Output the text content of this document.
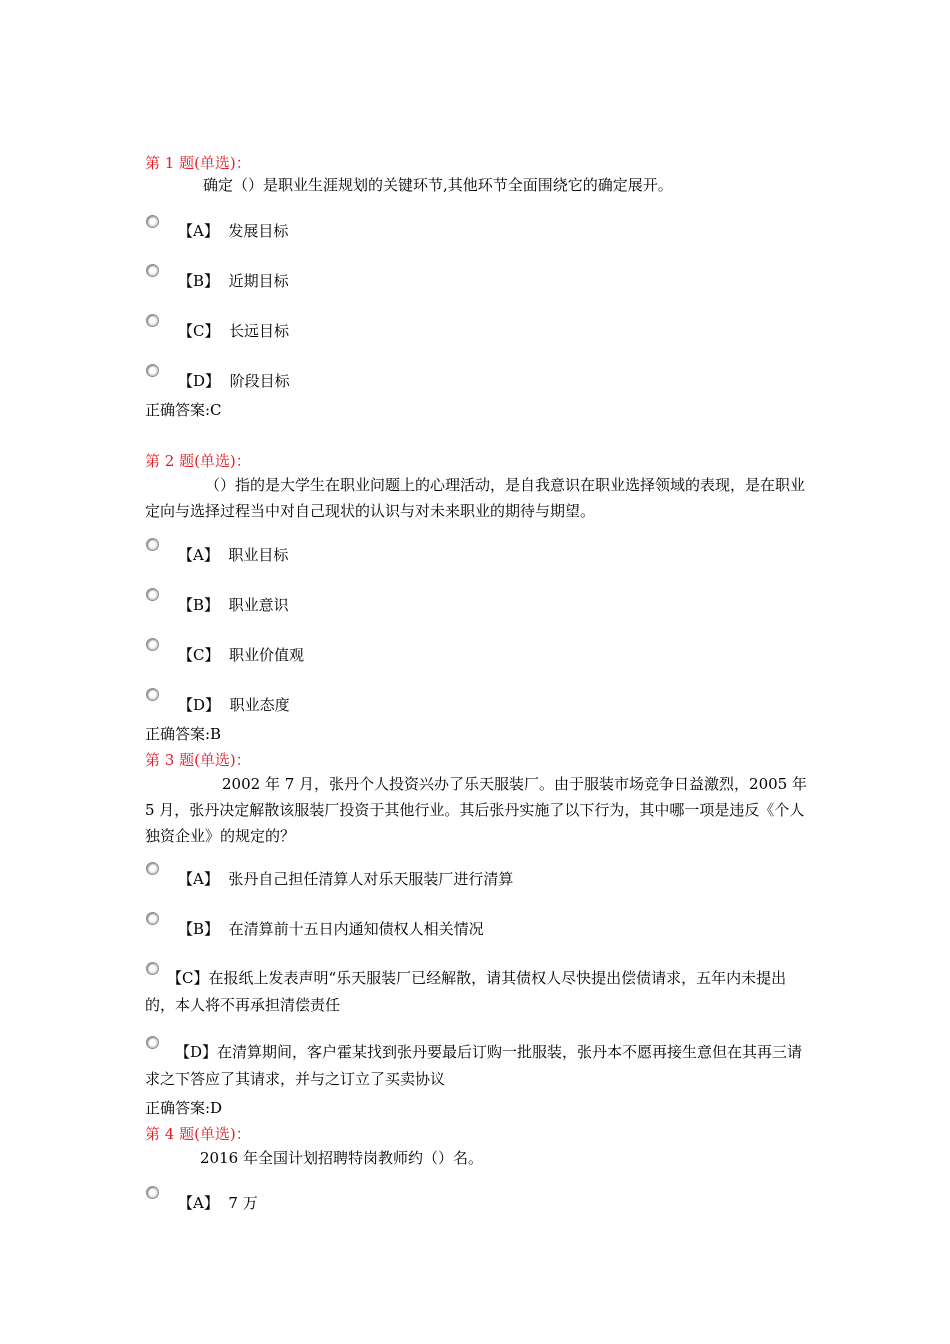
第 1 题(单选)：
确定（）是职业生涯规划的关键环节,其他环节全面围绕它的确定展开。
【A】 发展目标
【B】 近期目标
【C】 长远目标
【D】 阶段目标
正确答案:C
第 2 题(单选)：
（）指的是大学生在职业问题上的心理活动，是自我意识在职业选择领域的表现，是在职业定向与选择过程当中对自己现状的认识与对未来职业的期待与期望。
【A】 职业目标
【B】 职业意识
【C】 职业价值观
【D】 职业态度
正确答案:B
第 3 题(单选)：
2002 年 7 月，张丹个人投资兴办了乐天服装厂。由于服装市场竞争日益激烈，2005 年 5 月，张丹决定解散该服装厂投资于其他行业。其后张丹实施了以下行为，其中哪一项是违反《个人独资企业》的规定的？
【A】 张丹自己担任清算人对乐天服装厂进行清算
【B】 在清算前十五日内通知债权人相关情况
【C】在报纸上发表声明“乐天服装厂已经解散，请其债权人尽快提出偿债请求，五年内未提出的，本人将不再承担清偿责任
【D】在清算期间，客户霍某找到张丹要最后订购一批服装，张丹本不愿再接生意但在其再三请求之下答应了其请求，并与之订立了买卖协议
正确答案:D
第 4 题(单选)：
2016 年全国计划招聘特岗教师约（）名。
【A】 7 万
